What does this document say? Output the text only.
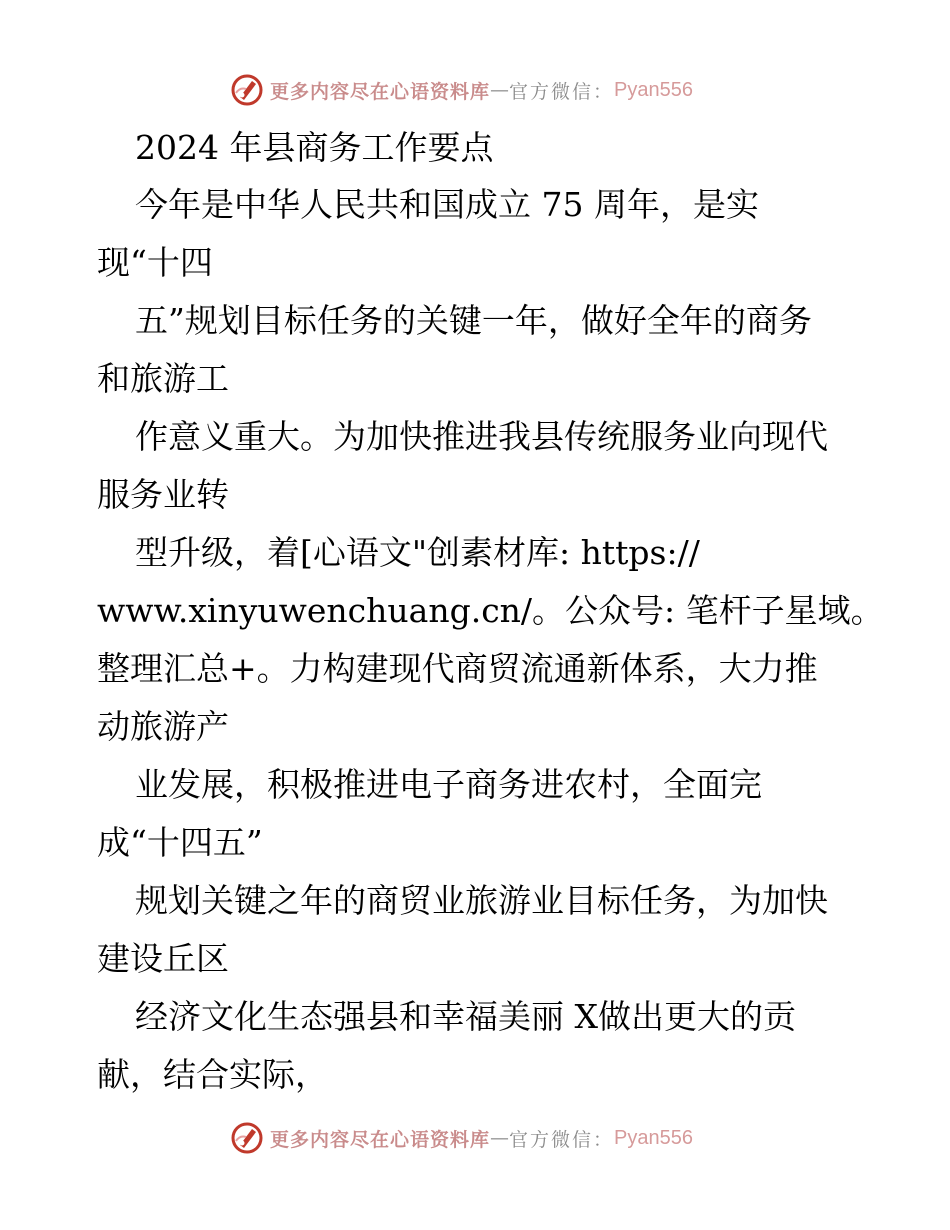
更多内容尽在心语资料库 — 官方微信： Pyan556
2024 年县商务工作要点
今年是中华人民共和国成立 75 周年，是实
现“十四
五”规划目标任务的关键一年，做好全年的商务
和旅游工
作意义重大。为加快推进我县传统服务业向现代
服务业转
型升级，着[心语文"创素材库: https://
www.xinyuwenchuang.cn/。公众号: 笔杆子星域。
整理汇总+。力构建现代商贸流通新体系，大力推
动旅游产
业发展，积极推进电子商务进农村，全面完
成“十四五”
规划关键之年的商贸业旅游业目标任务，为加快
建设丘区
经济文化生态强县和幸福美丽 X做出更大的贡
献，结合实际，
更多内容尽在心语资料库 — 官方微信： Pyan556
